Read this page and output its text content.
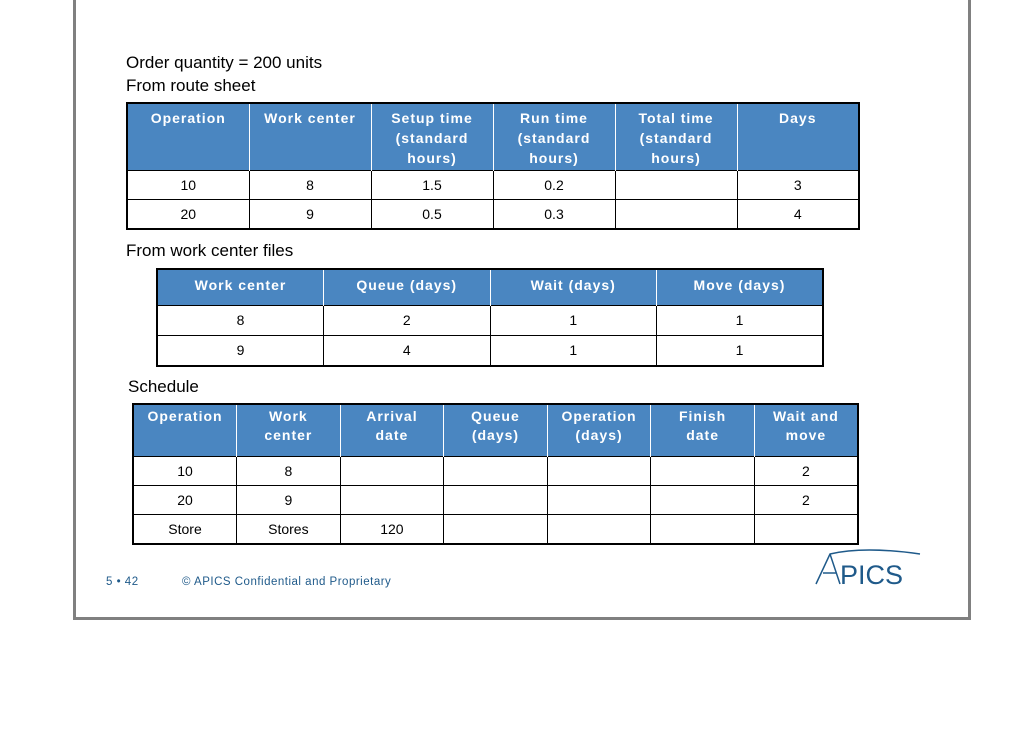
Order quantity = 200 units
From route sheet
Operation	Work center	Setup time (standard hours)	Run time (standard hours)	Total time (standard hours)	Days
10	8	1.5	0.2		3
20	9	0.5	0.3		4
From work center files
Work center	Queue (days)	Wait (days)	Move (days)
8	2	1	1
9	4	1	1
Schedule
Operation	Work center	Arrival date	Queue (days)	Operation (days)	Finish date	Wait and move
10	8					2
20	9					2
Store	Stores	120				
5 • 42	© APICS Confidential and Proprietary	PICS
